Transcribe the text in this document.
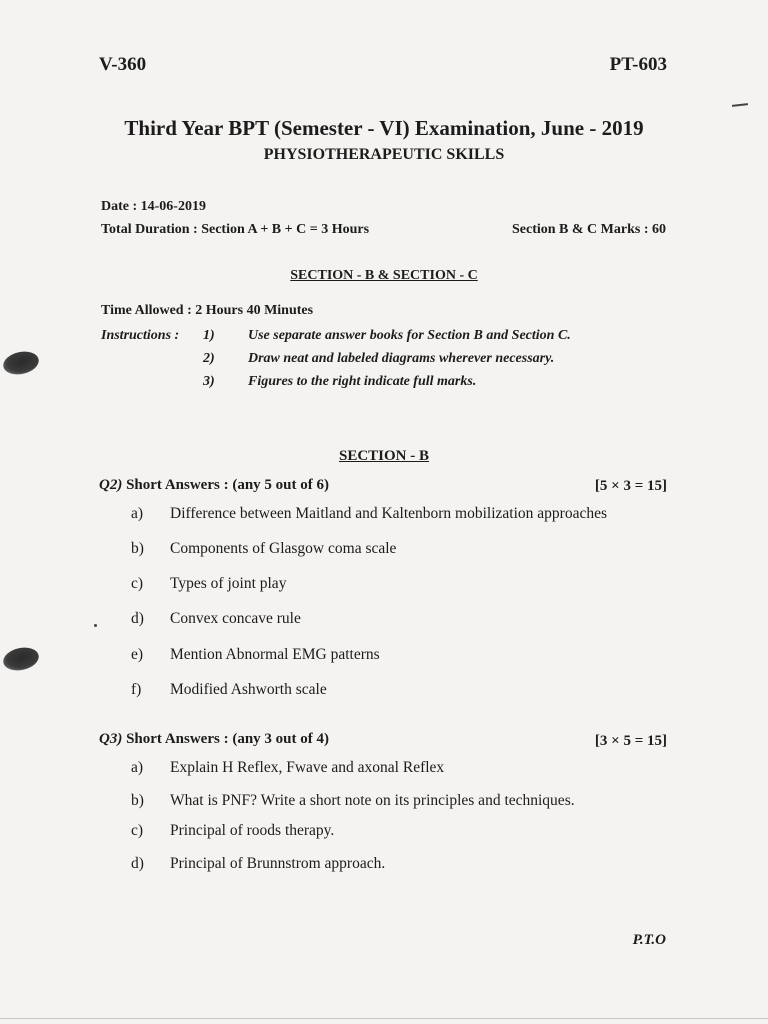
V-360	PT-603
Third Year BPT (Semester - VI) Examination, June - 2019
PHYSIOTHERAPEUTIC SKILLS
Date : 14-06-2019
Total Duration : Section A + B + C = 3 Hours	Section B & C Marks : 60
SECTION - B & SECTION - C
Time Allowed : 2 Hours 40 Minutes
Instructions : 1) Use separate answer books for Section B and Section C.
2) Draw neat and labeled diagrams wherever necessary.
3) Figures to the right indicate full marks.
SECTION - B
Q2) Short Answers : (any 5 out of 6)	[5 × 3 = 15]
a) Difference between Maitland and Kaltenborn mobilization approaches
b) Components of Glasgow coma scale
c) Types of joint play
d) Convex concave rule
e) Mention Abnormal EMG patterns
f) Modified Ashworth scale
Q3) Short Answers : (any 3 out of 4)	[3 × 5 = 15]
a) Explain H Reflex, Fwave and axonal Reflex
b) What is PNF? Write a short note on its principles and techniques.
c) Principal of roods therapy.
d) Principal of Brunnstrom approach.
P.T.O
